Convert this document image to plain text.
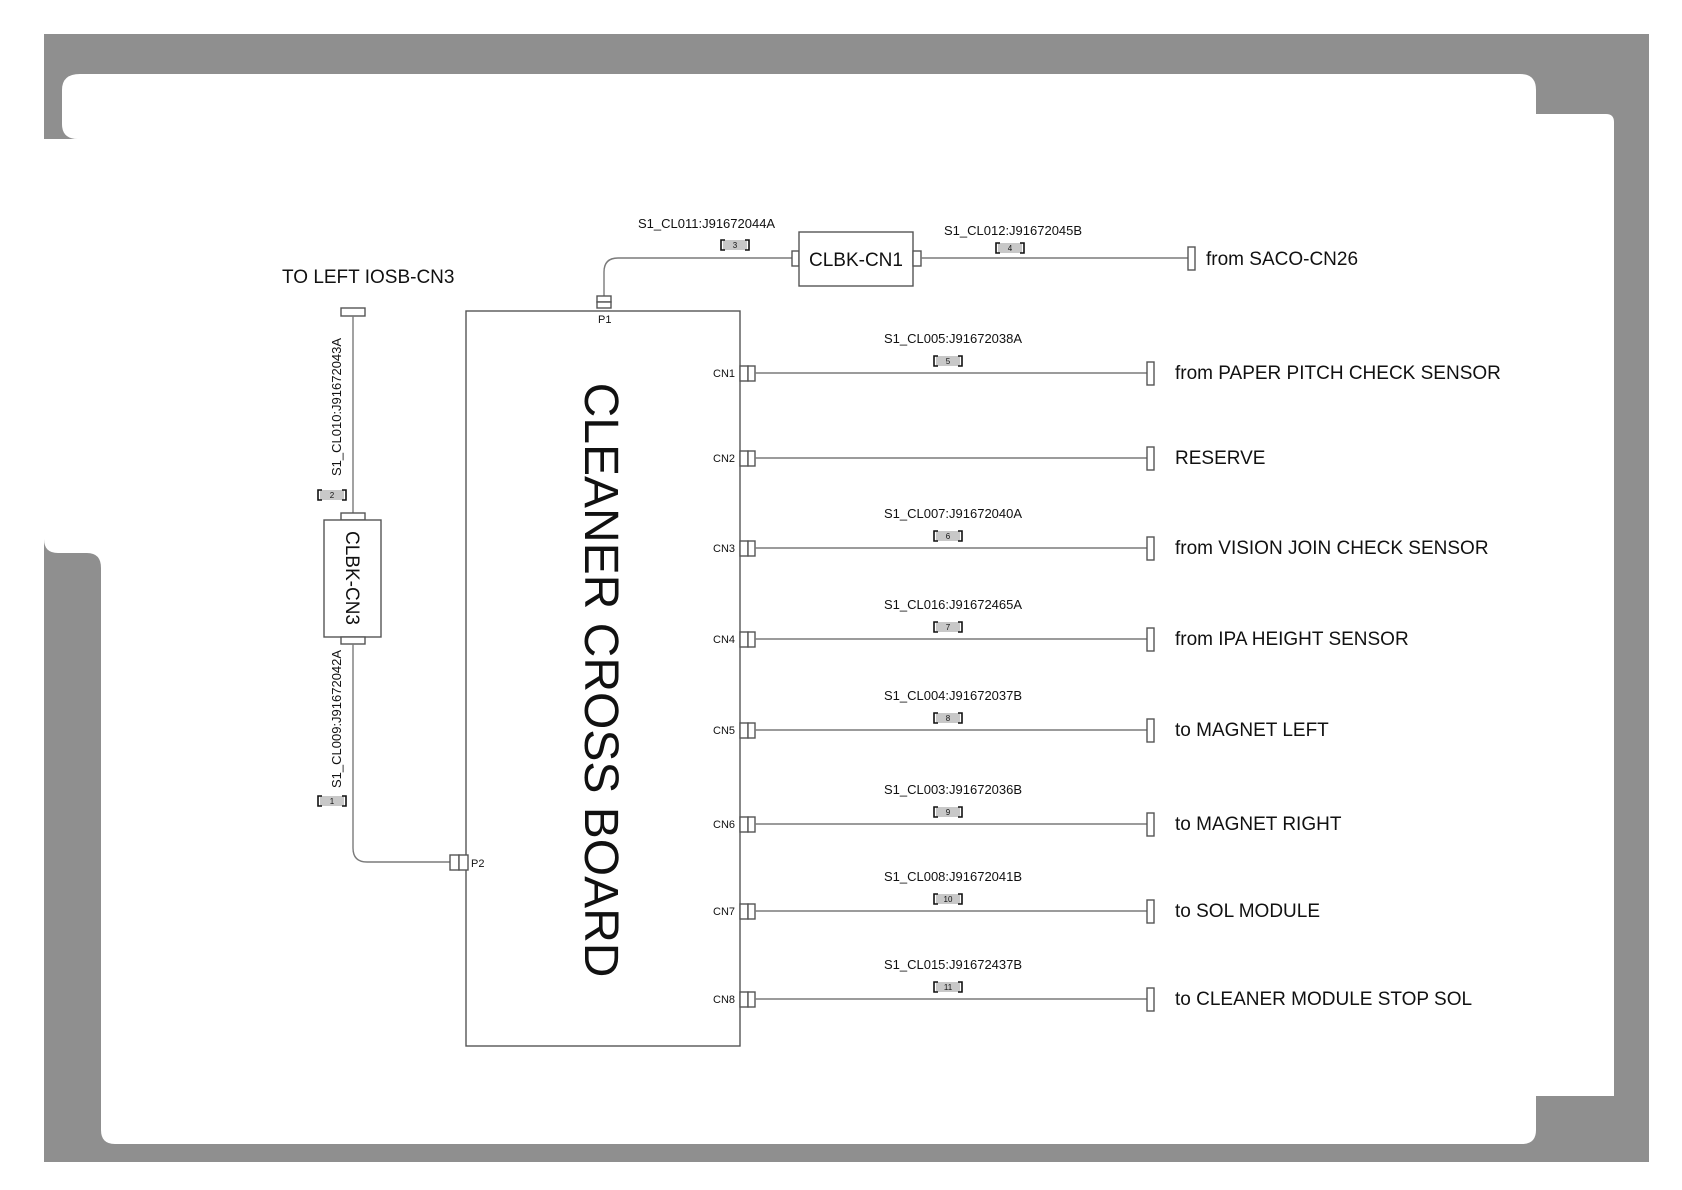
CLEANER CROSS BOARD
P1
S1_CL011:J91672044A
3
CLBK-CN1
S1_CL012:J91672045B
4
from SACO-CN26
TO LEFT IOSB-CN3
S1_CL010:J91672043A
2
CLBK-CN3
S1_CL009:J91672042A
1
P2
CN1	from PAPER PITCH CHECK SENSOR
S1_CL005:J91672038A
5
CN2	RESERVE
CN3	from VISION JOIN CHECK SENSOR
S1_CL007:J91672040A
6
CN4	from IPA HEIGHT SENSOR
S1_CL016:J91672465A
7
CN5	to MAGNET LEFT
S1_CL004:J91672037B
8
CN6	to MAGNET RIGHT
S1_CL003:J91672036B
9
CN7	to SOL MODULE
S1_CL008:J91672041B
10
CN8	to CLEANER MODULE STOP SOL
S1_CL015:J91672437B
11
